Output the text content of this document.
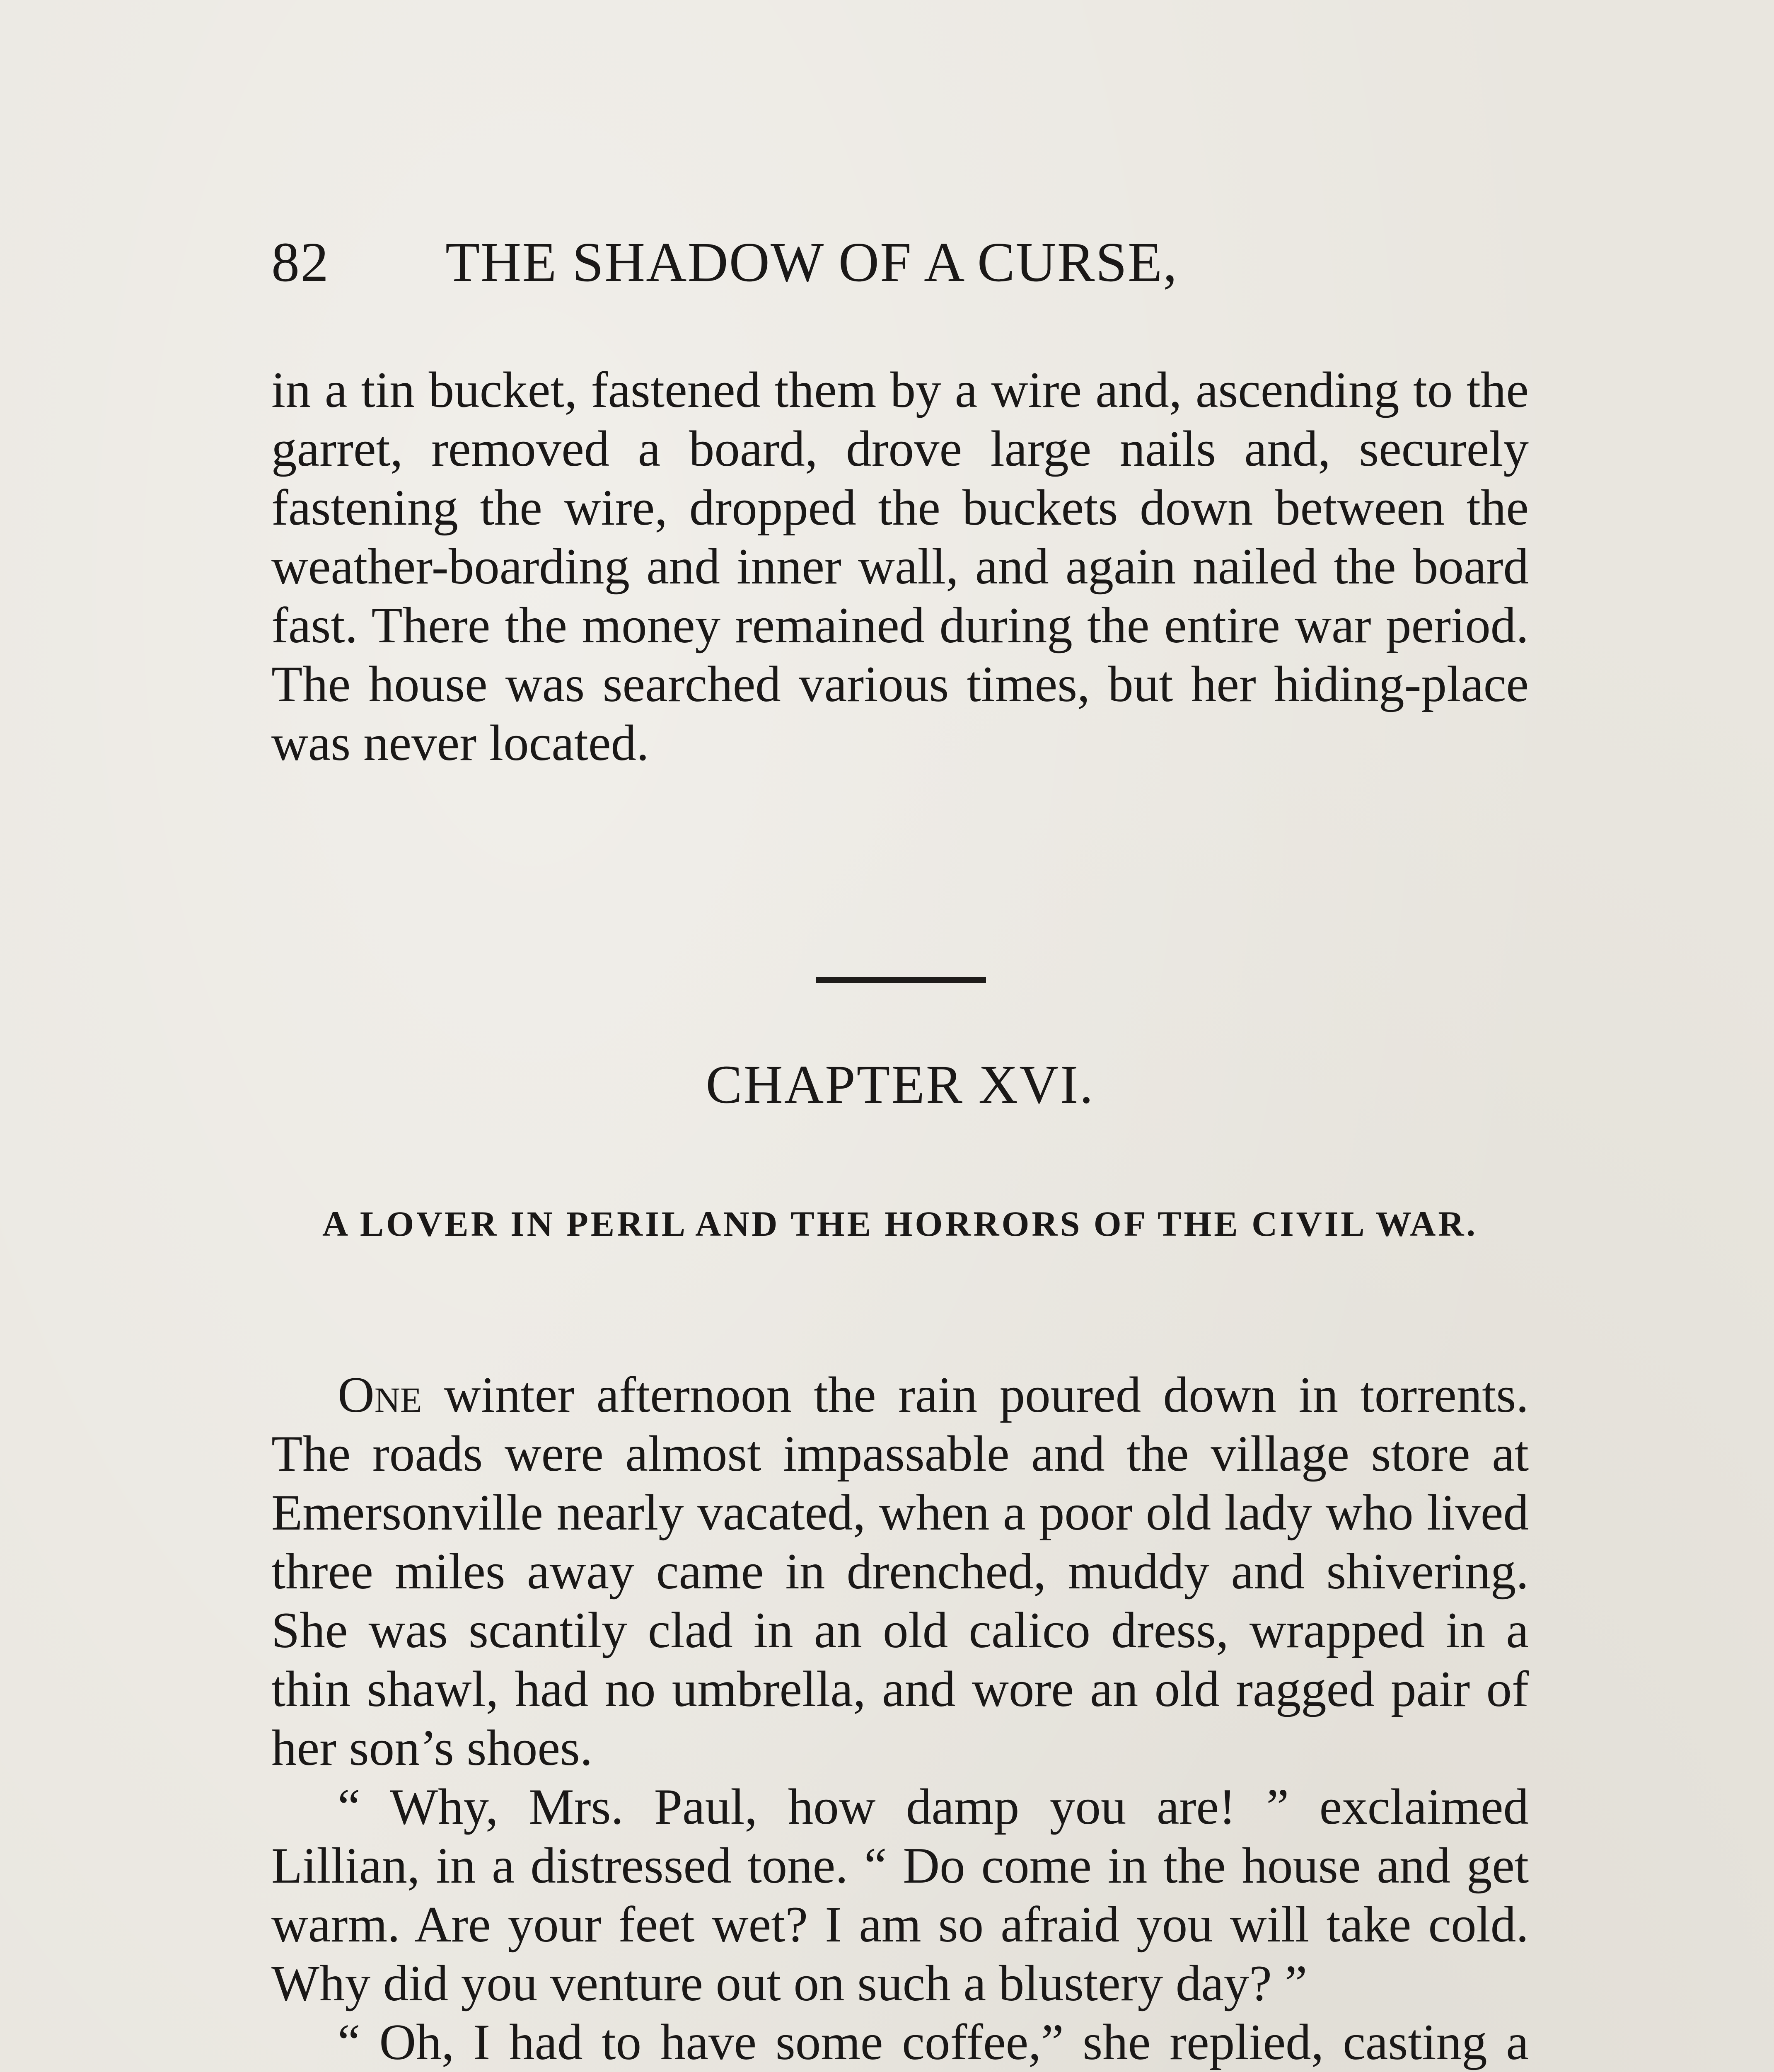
82	THE SHADOW OF A CURSE,

in a tin bucket, fastened them by a wire and, ascending to the garret, removed a board, drove large nails and, securely fastening the wire, dropped the buckets down between the weather-boarding and inner wall, and again nailed the board fast. There the money remained during the entire war period. The house was searched various times, but her hiding-place was never located.

CHAPTER XVI.
A LOVER IN PERIL AND THE HORRORS OF THE CIVIL WAR.

One winter afternoon the rain poured down in torrents. The roads were almost impassable and the village store at Emersonville nearly vacated, when a poor old lady who lived three miles away came in drenched, muddy and shivering. She was scantily clad in an old calico dress, wrapped in a thin shawl, had no umbrella, and wore an old ragged pair of her son’s shoes.

“ Why, Mrs. Paul, how damp you are! ” exclaimed Lillian, in a distressed tone. “ Do come in the house and get warm. Are your feet wet? I am so afraid you will take cold. Why did you venture out on such a blustery day? ”

“ Oh, I had to have some coffee,” she replied, casting a
